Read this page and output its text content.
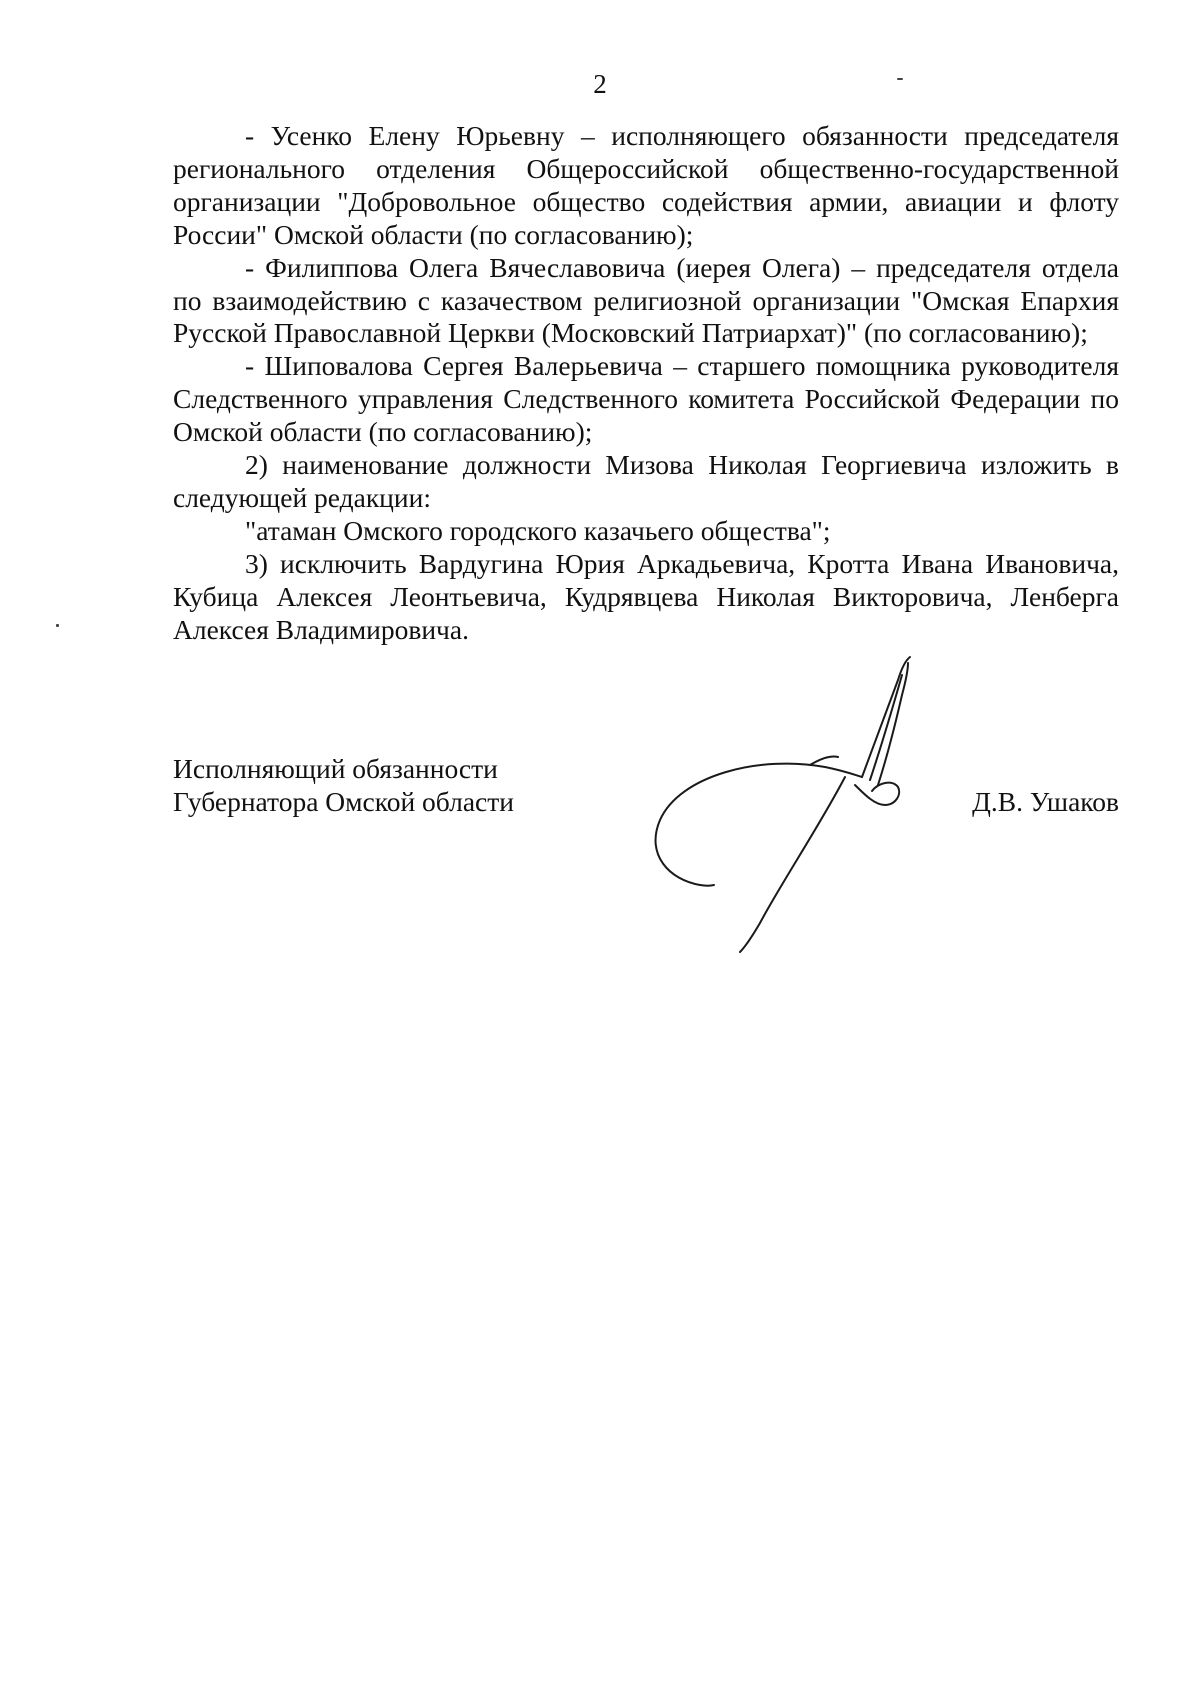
2

- Усенко Елену Юрьевну – исполняющего обязанности председателя регионального отделения Общероссийской общественно-государственной организации "Добровольное общество содействия армии, авиации и флоту России" Омской области (по согласованию);

- Филиппова Олега Вячеславовича (иерея Олега) – председателя отдела по взаимодействию с казачеством религиозной организации "Омская Епархия Русской Православной Церкви (Московский Патриархат)" (по согласованию);

- Шиповалова Сергея Валерьевича – старшего помощника руководителя Следственного управления Следственного комитета Российской Федерации по Омской области (по согласованию);

2) наименование должности Мизова Николая Георгиевича изложить в следующей редакции:

"атаман Омского городского казачьего общества";

3) исключить Вардугина Юрия Аркадьевича, Кротта Ивана Ивановича, Кубица Алексея Леонтьевича, Кудрявцева Николая Викторовича, Ленберга Алексея Владимировича.

Исполняющий обязанности
Губернатора Омской области	Д.В. Ушаков
